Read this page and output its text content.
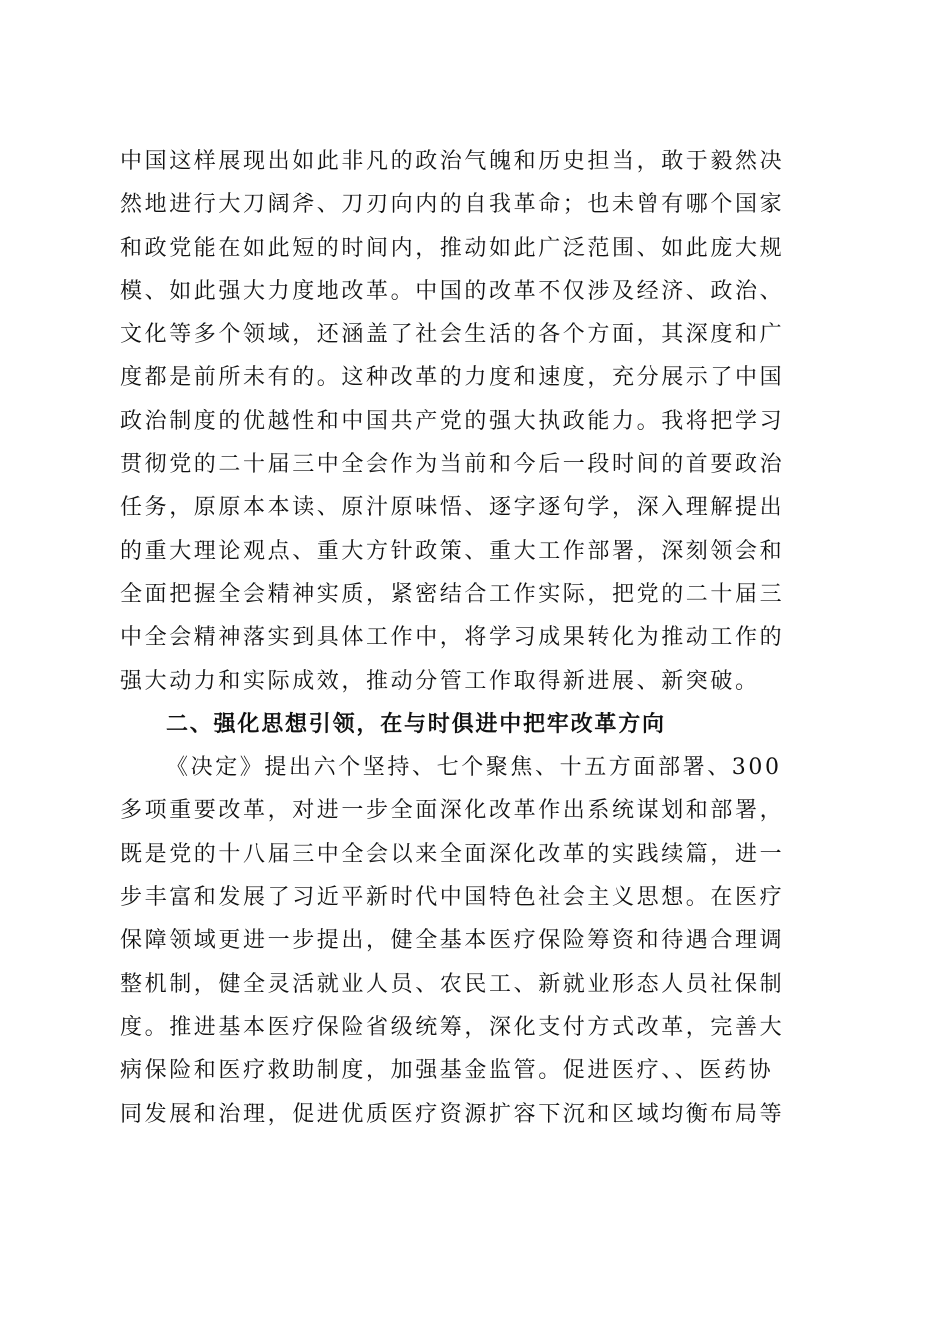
中国这样展现出如此非凡的政治气魄和历史担当，敢于毅然决
然地进行大刀阔斧、刀刃向内的自我革命；也未曾有哪个国家
和政党能在如此短的时间内，推动如此广泛范围、如此庞大规
模、如此强大力度地改革。中国的改革不仅涉及经济、政治、
文化等多个领域，还涵盖了社会生活的各个方面，其深度和广
度都是前所未有的。这种改革的力度和速度，充分展示了中国
政治制度的优越性和中国共产党的强大执政能力。我将把学习
贯彻党的二十届三中全会作为当前和今后一段时间的首要政治
任务，原原本本读、原汁原味悟、逐字逐句学，深入理解提出
的重大理论观点、重大方针政策、重大工作部署，深刻领会和
全面把握全会精神实质，紧密结合工作实际，把党的二十届三
中全会精神落实到具体工作中，将学习成果转化为推动工作的
强大动力和实际成效，推动分管工作取得新进展、新突破。
二、强化思想引领，在与时俱进中把牢改革方向
《决定》提出六个坚持、七个聚焦、十五方面部署、300
多项重要改革，对进一步全面深化改革作出系统谋划和部署，
既是党的十八届三中全会以来全面深化改革的实践续篇，进一
步丰富和发展了习近平新时代中国特色社会主义思想。在医疗
保障领域更进一步提出，健全基本医疗保险筹资和待遇合理调
整机制，健全灵活就业人员、农民工、新就业形态人员社保制
度。推进基本医疗保险省级统筹，深化支付方式改革，完善大
病保险和医疗救助制度，加强基金监管。促进医疗、、医药协
同发展和治理，促进优质医疗资源扩容下沉和区域均衡布局等
